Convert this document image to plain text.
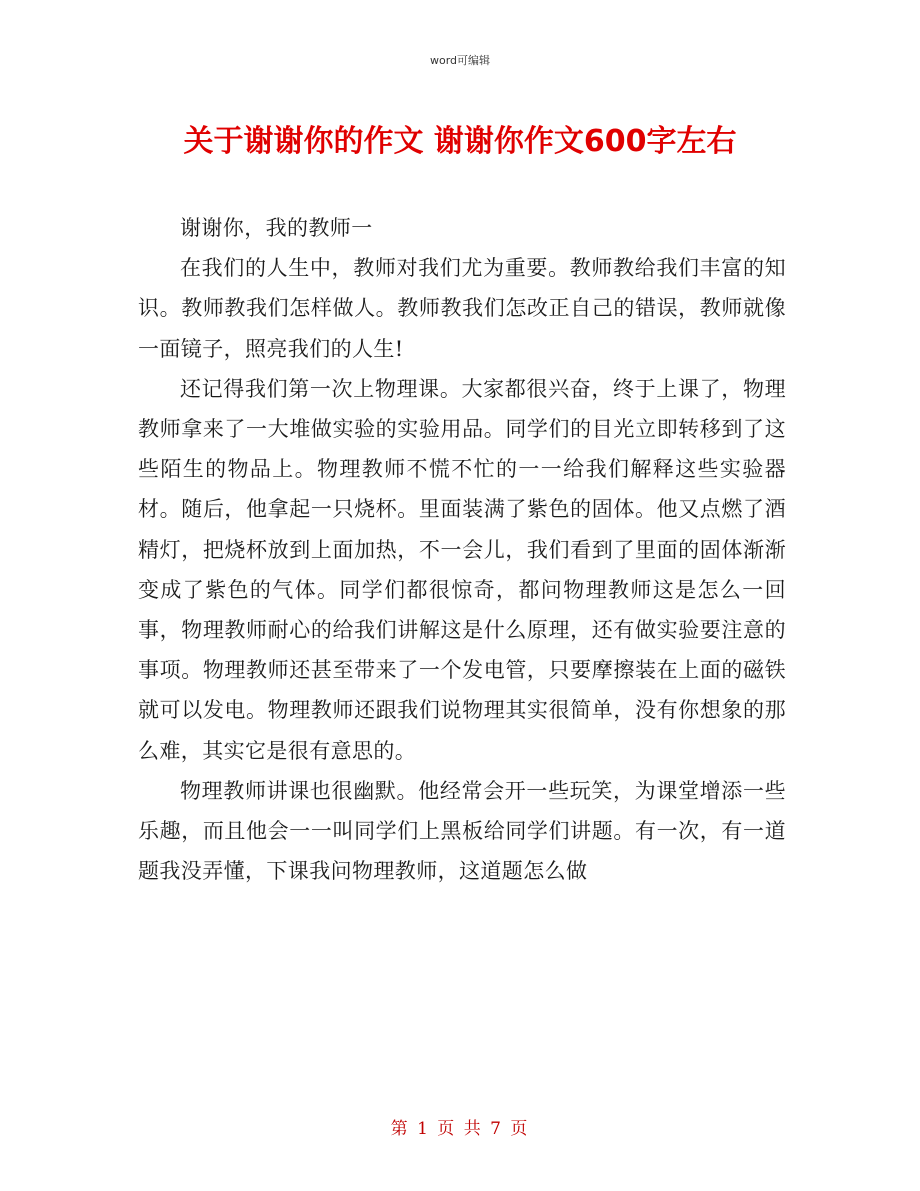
word可编辑
关于谢谢你的作文 谢谢你作文600字左右

谢谢你，我的教师一

在我们的人生中，教师对我们尤为重要。教师教给我们丰富的知识。教师教我们怎样做人。教师教我们怎改正自己的错误，教师就像一面镜子，照亮我们的人生!

还记得我们第一次上物理课。大家都很兴奋，终于上课了，物理教师拿来了一大堆做实验的实验用品。同学们的目光立即转移到了这些陌生的物品上。物理教师不慌不忙的一一给我们解释这些实验器材。随后，他拿起一只烧杯。里面装满了紫色的固体。他又点燃了酒精灯，把烧杯放到上面加热，不一会儿，我们看到了里面的固体渐渐变成了紫色的气体。同学们都很惊奇，都问物理教师这是怎么一回事，物理教师耐心的给我们讲解这是什么原理，还有做实验要注意的事项。物理教师还甚至带来了一个发电管，只要摩擦装在上面的磁铁就可以发电。物理教师还跟我们说物理其实很简单，没有你想象的那么难，其实它是很有意思的。

物理教师讲课也很幽默。他经常会开一些玩笑，为课堂增添一些乐趣，而且他会一一叫同学们上黑板给同学们讲题。有一次，有一道题我没弄懂，下课我问物理教师，这道题怎么做

第 1 页 共 7 页
